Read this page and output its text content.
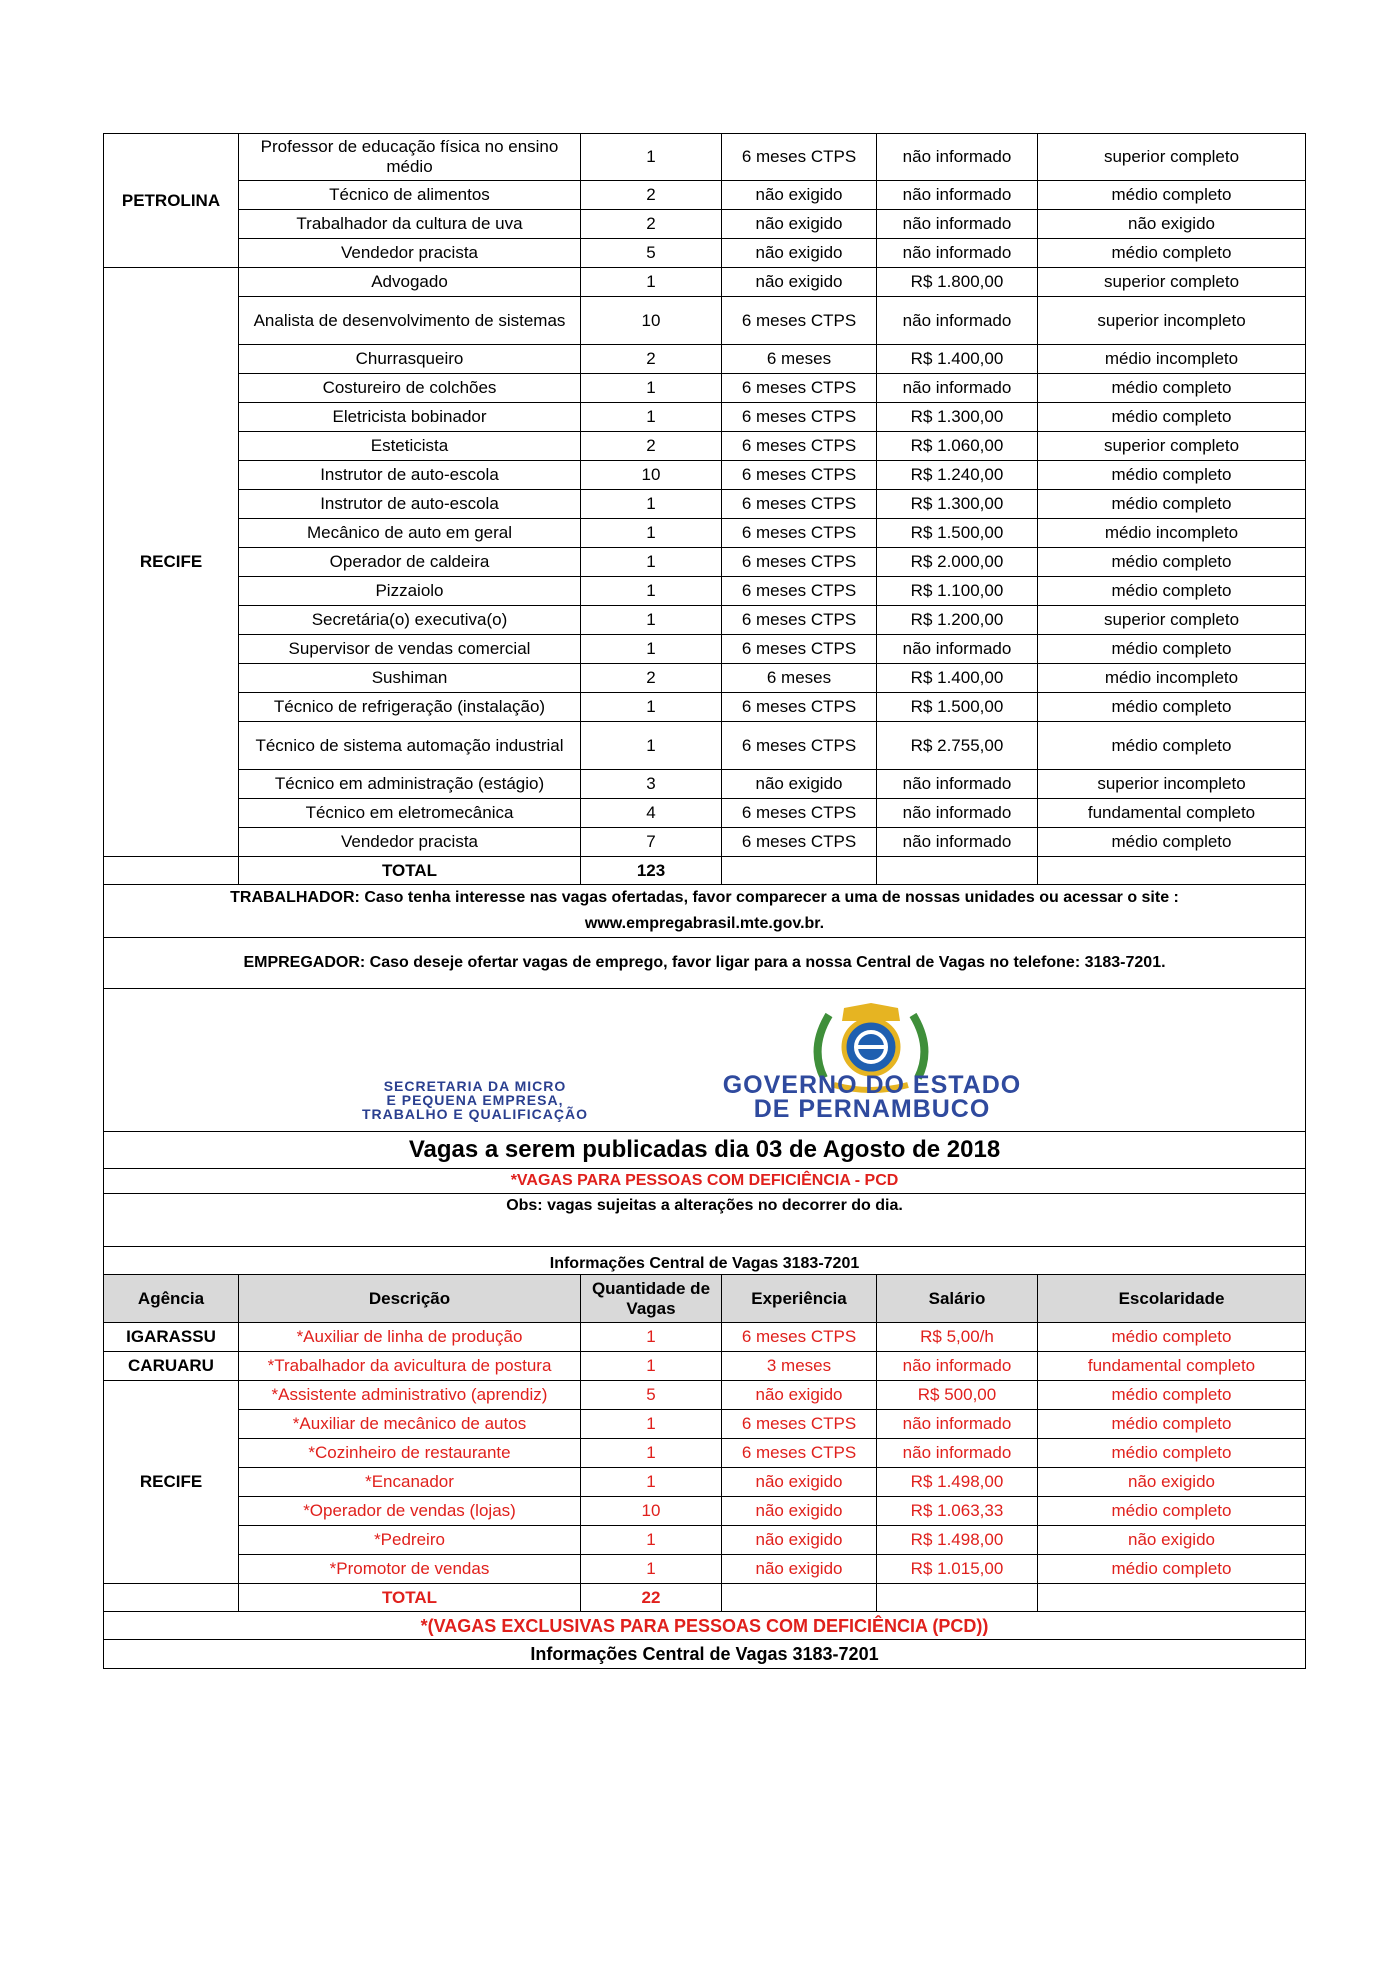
PETROLINA	Professor de educação física no ensino médio	1	6 meses CTPS	não informado	superior completo
	Técnico de alimentos	2	não exigido	não informado	médio completo
	Trabalhador da cultura de uva	2	não exigido	não informado	não exigido
	Vendedor pracista	5	não exigido	não informado	médio completo
RECIFE	Advogado	1	não exigido	R$ 1.800,00	superior completo
	Analista de desenvolvimento de sistemas	10	6 meses CTPS	não informado	superior incompleto
	Churrasqueiro	2	6 meses	R$ 1.400,00	médio incompleto
	Costureiro de colchões	1	6 meses CTPS	não informado	médio completo
	Eletricista bobinador	1	6 meses CTPS	R$ 1.300,00	médio completo
	Esteticista	2	6 meses CTPS	R$ 1.060,00	superior completo
	Instrutor de auto-escola	10	6 meses CTPS	R$ 1.240,00	médio completo
	Instrutor de auto-escola	1	6 meses CTPS	R$ 1.300,00	médio completo
	Mecânico de auto em geral	1	6 meses CTPS	R$ 1.500,00	médio incompleto
	Operador de caldeira	1	6 meses CTPS	R$ 2.000,00	médio completo
	Pizzaiolo	1	6 meses CTPS	R$ 1.100,00	médio completo
	Secretária(o) executiva(o)	1	6 meses CTPS	R$ 1.200,00	superior completo
	Supervisor de vendas comercial	1	6 meses CTPS	não informado	médio completo
	Sushiman	2	6 meses	R$ 1.400,00	médio incompleto
	Técnico de refrigeração (instalação)	1	6 meses CTPS	R$ 1.500,00	médio completo
	Técnico de sistema automação industrial	1	6 meses CTPS	R$ 2.755,00	médio completo
	Técnico em administração (estágio)	3	não exigido	não informado	superior incompleto
	Técnico em eletromecânica	4	6 meses CTPS	não informado	fundamental completo
	Vendedor pracista	7	6 meses CTPS	não informado	médio completo
	TOTAL	123			

TRABALHADOR: Caso tenha interesse nas vagas ofertadas, favor comparecer a uma de nossas unidades ou acessar o site :
www.empregabrasil.mte.gov.br.					

EMPREGADOR: Caso deseje ofertar vagas de emprego, favor ligar para a nossa Central de Vagas no telefone: 3183-7201.					

SECRETARIA DA MICRO
E PEQUENA EMPRESA,
TRABALHO E QUALIFICAÇÃO
GOVERNO DO ESTADO
DE PERNAMBUCO					

Vagas a serem publicadas dia 03 de Agosto de 2018					
*VAGAS PARA PESSOAS COM DEFICIÊNCIA - PCD					
Obs: vagas sujeitas a alterações no decorrer do dia.					
Informações Central de Vagas 3183-7201					
Agência	Descrição	Quantidade de Vagas	Experiência	Salário	Escolaridade
IGARASSU	*Auxiliar de linha de produção	1	6 meses CTPS	R$ 5,00/h	médio completo
CARUARU	*Trabalhador da avicultura de postura	1	3 meses	não informado	fundamental completo
RECIFE	*Assistente administrativo (aprendiz)	5	não exigido	R$ 500,00	médio completo
	*Auxiliar de mecânico de autos	1	6 meses CTPS	não informado	médio completo
	*Cozinheiro de restaurante	1	6 meses CTPS	não informado	médio completo
	*Encanador	1	não exigido	R$ 1.498,00	não exigido
	*Operador de vendas (lojas)	10	não exigido	R$ 1.063,33	médio completo
	*Pedreiro	1	não exigido	R$ 1.498,00	não exigido
	*Promotor de vendas	1	não exigido	R$ 1.015,00	médio completo
	TOTAL	22			
*(VAGAS EXCLUSIVAS PARA PESSOAS COM DEFICIÊNCIA (PCD))					
Informações Central de Vagas 3183-7201					
